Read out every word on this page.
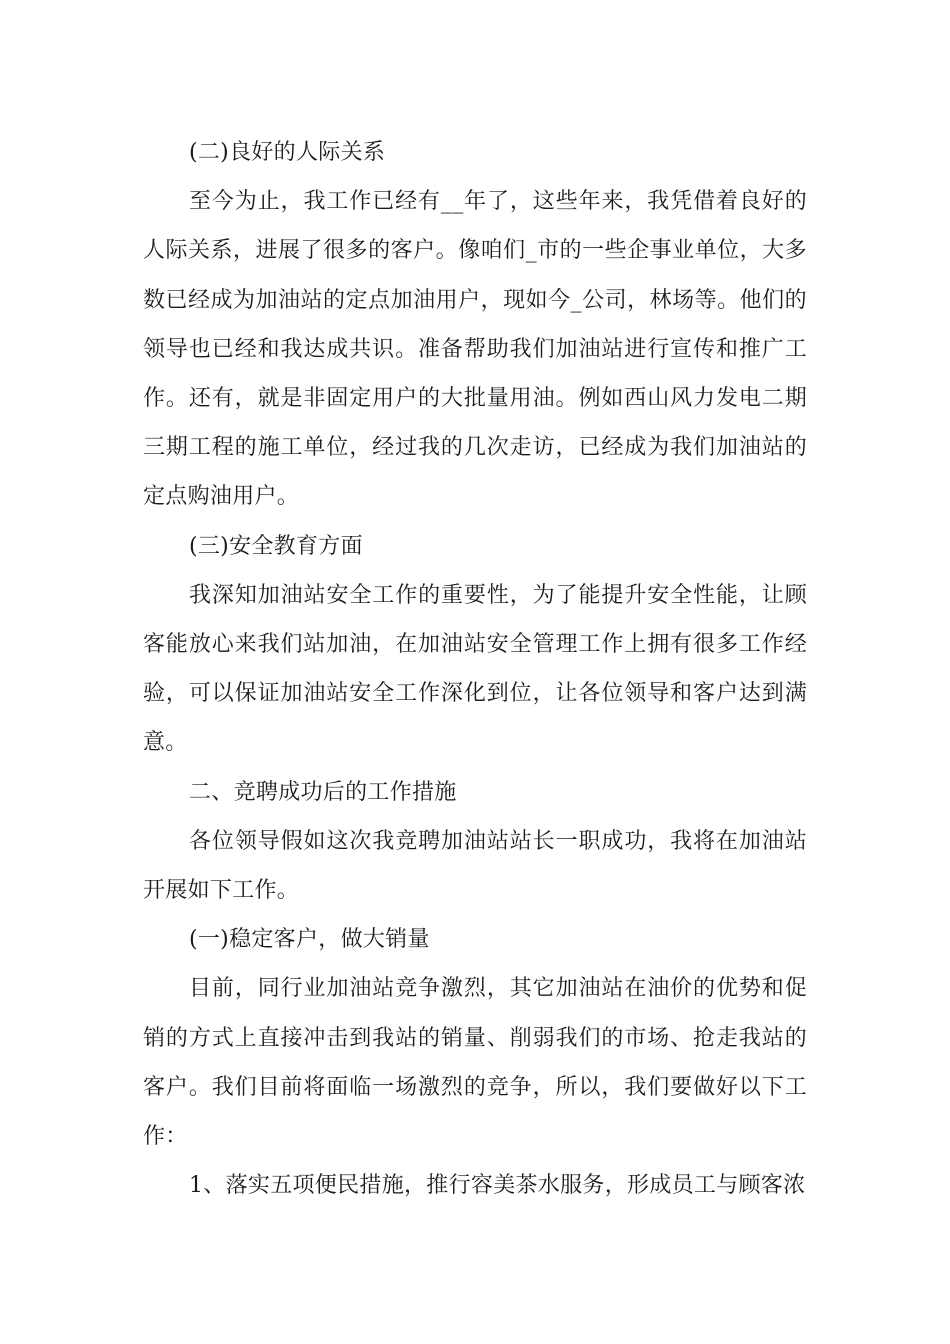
(二)良好的人际关系

至今为止，我工作已经有__年了，这些年来，我凭借着良好的人际关系，进展了很多的客户。像咱们_市的一些企事业单位，大多数已经成为加油站的定点加油用户，现如今_公司，林场等。他们的领导也已经和我达成共识。准备帮助我们加油站进行宣传和推广工作。还有，就是非固定用户的大批量用油。例如西山风力发电二期三期工程的施工单位，经过我的几次走访，已经成为我们加油站的定点购油用户。

(三)安全教育方面

我深知加油站安全工作的重要性，为了能提升安全性能，让顾客能放心来我们站加油，在加油站安全管理工作上拥有很多工作经验，可以保证加油站安全工作深化到位，让各位领导和客户达到满意。

二、竞聘成功后的工作措施

各位领导假如这次我竞聘加油站站长一职成功，我将在加油站开展如下工作。

(一)稳定客户，做大销量

目前，同行业加油站竞争激烈，其它加油站在油价的优势和促销的方式上直接冲击到我站的销量、削弱我们的市场、抢走我站的客户。我们目前将面临一场激烈的竞争，所以，我们要做好以下工作：

1、落实五项便民措施，推行容美茶水服务，形成员工与顾客浓
